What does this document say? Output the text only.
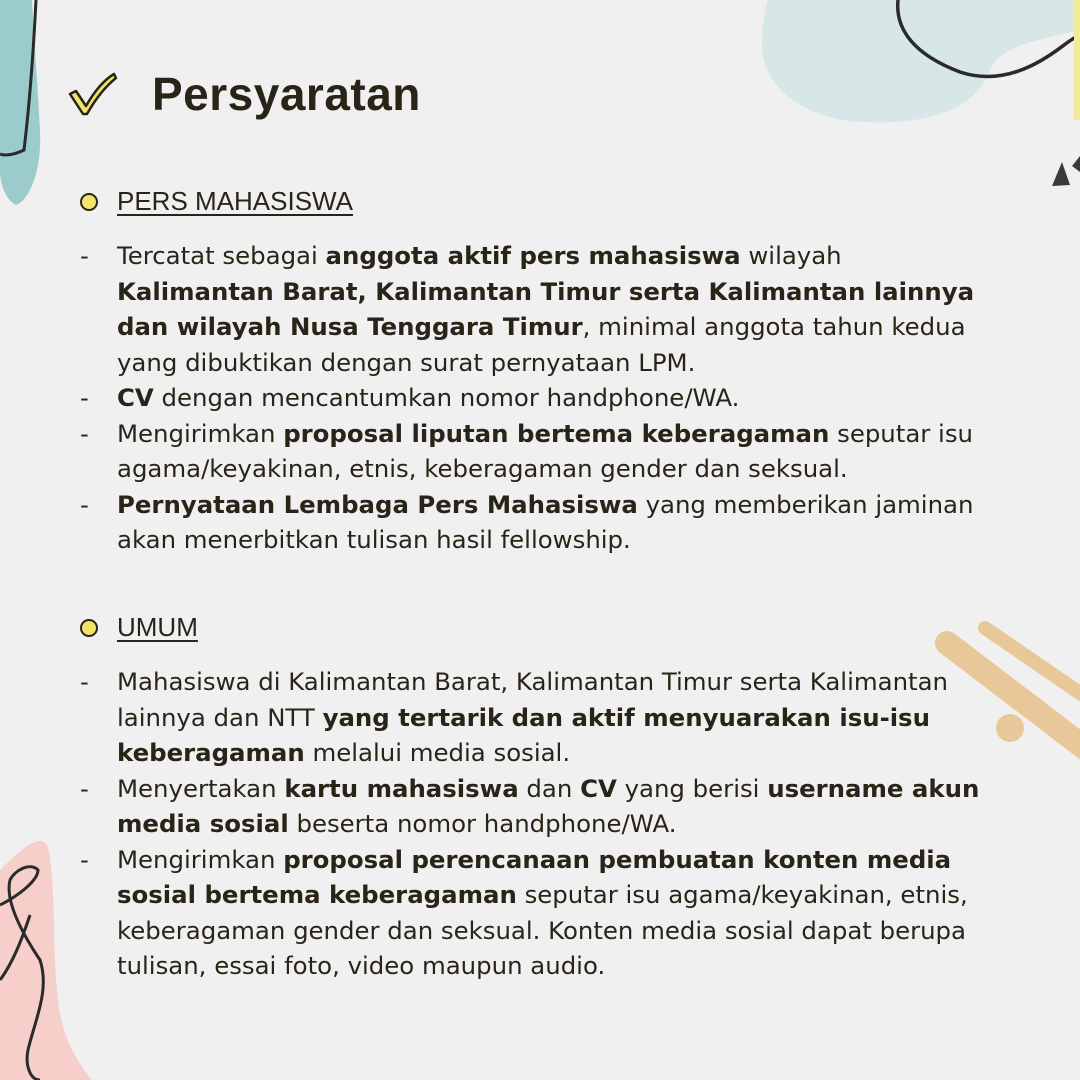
Persyaratan
PERS MAHASISWA
- Tercatat sebagai anggota aktif pers mahasiswa wilayah Kalimantan Barat, Kalimantan Timur serta Kalimantan lainnya dan wilayah Nusa Tenggara Timur, minimal anggota tahun kedua yang dibuktikan dengan surat pernyataan LPM.
- CV dengan mencantumkan nomor handphone/WA.
- Mengirimkan proposal liputan bertema keberagaman seputar isu agama/keyakinan, etnis, keberagaman gender dan seksual.
- Pernyataan Lembaga Pers Mahasiswa yang memberikan jaminan akan menerbitkan tulisan hasil fellowship.
UMUM
- Mahasiswa di Kalimantan Barat, Kalimantan Timur serta Kalimantan lainnya dan NTT yang tertarik dan aktif menyuarakan isu-isu keberagaman melalui media sosial.
- Menyertakan kartu mahasiswa dan CV yang berisi username akun media sosial beserta nomor handphone/WA.
- Mengirimkan proposal perencanaan pembuatan konten media sosial bertema keberagaman seputar isu agama/keyakinan, etnis, keberagaman gender dan seksual. Konten media sosial dapat berupa tulisan, essai foto, video maupun audio.
